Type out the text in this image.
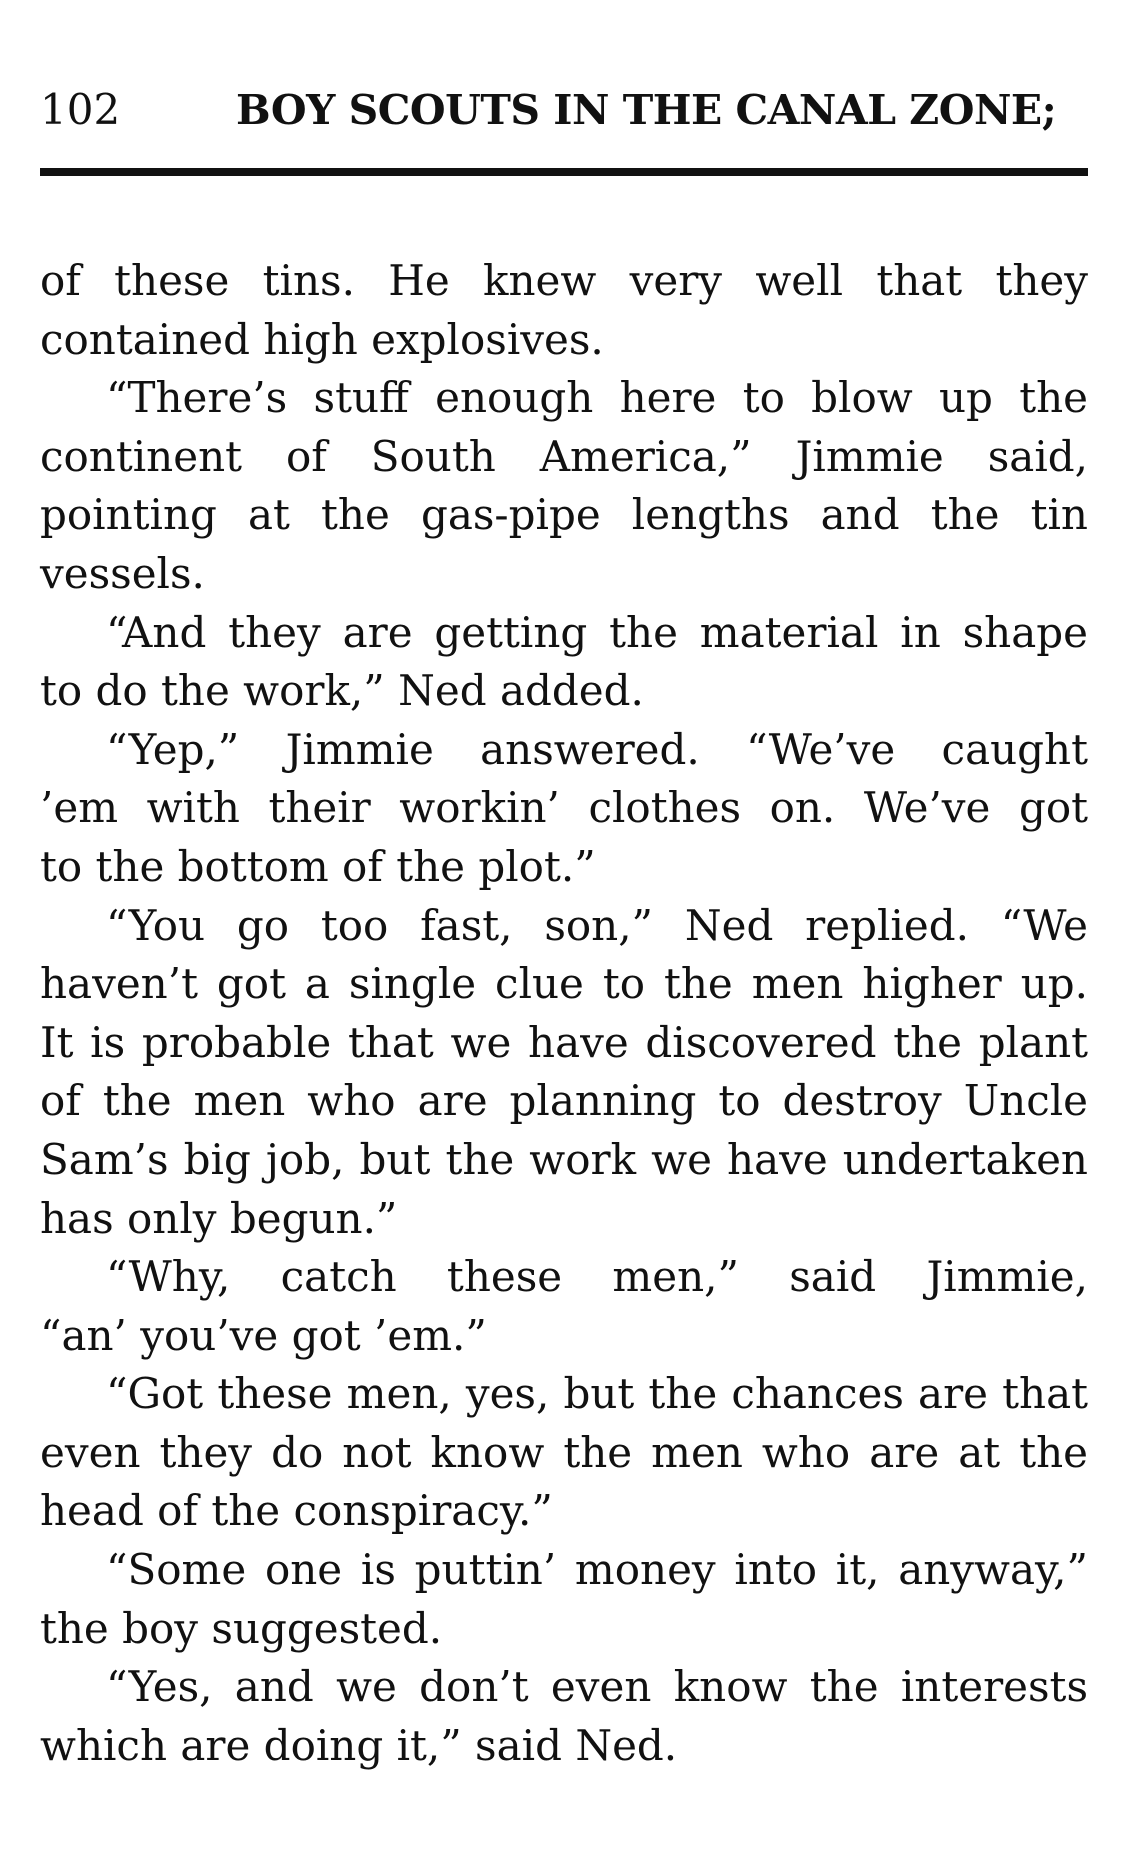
102	BOY SCOUTS IN THE CANAL ZONE;
of these tins. He knew very well that they
contained high explosives.
“There’s stuff enough here to blow up the
continent of South America,” Jimmie said,
pointing at the gas-pipe lengths and the tin
vessels.
“And they are getting the material in shape
to do the work,” Ned added.
“Yep,” Jimmie answered. “We’ve caught
’em with their workin’ clothes on. We’ve got
to the bottom of the plot.”
“You go too fast, son,” Ned replied. “We
haven’t got a single clue to the men higher up.
It is probable that we have discovered the plant
of the men who are planning to destroy Uncle
Sam’s big job, but the work we have undertaken
has only begun.”
“Why, catch these men,” said Jimmie,
“an’ you’ve got ’em.”
“Got these men, yes, but the chances are that
even they do not know the men who are at the
head of the conspiracy.”
“Some one is puttin’ money into it, anyway,”
the boy suggested.
“Yes, and we don’t even know the interests
which are doing it,” said Ned.
